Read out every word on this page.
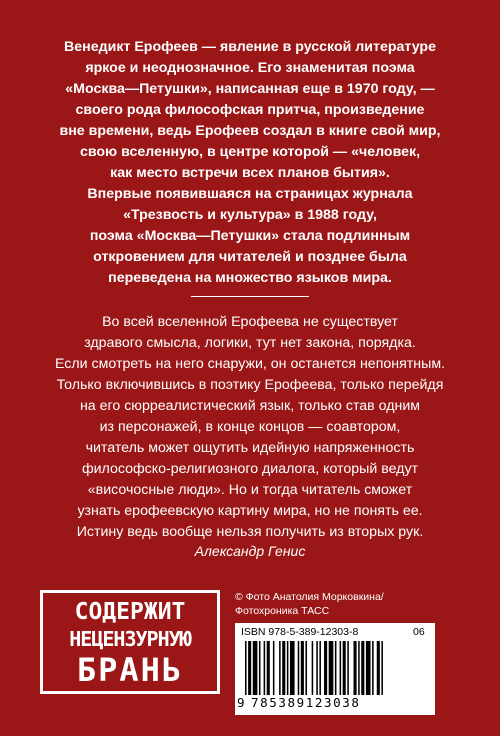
Венедикт Ерофеев — явление в русской литературе
яркое и неоднозначное. Его знаменитая поэма
«Москва—Петушки», написанная еще в 1970 году, —
своего рода философская притча, произведение
вне времени, ведь Ерофеев создал в книге свой мир,
свою вселенную, в центре которой — «человек,
как место встречи всех планов бытия».
Впервые появившаяся на страницах журнала
«Трезвость и культура» в 1988 году,
поэма «Москва—Петушки» стала подлинным
откровением для читателей и позднее была
переведена на множество языков мира.
Во всей вселенной Ерофеева не существует
здравого смысла, логики, тут нет закона, порядка.
Если смотреть на него снаружи, он останется непонятным.
Только включившись в поэтику Ерофеева, только перейдя
на его сюрреалистический язык, только став одним
из персонажей, в конце концов — соавтором,
читатель может ощутить идейную напряженность
философско-религиозного диалога, который ведут
«височосные люди». Но и тогда читатель сможет
узнать ерофеевскую картину мира, но не понять ее.
Истину ведь вообще нельзя получить из вторых рук.
Александр Генис
СОДЕРЖИТ
НЕЦЕНЗУРНУЮ
БРАНЬ
© Фото Анатолия Морковкина/
Фотохроника ТАСС
ISBN 978-5-389-12303-8	06
9 785389123038
